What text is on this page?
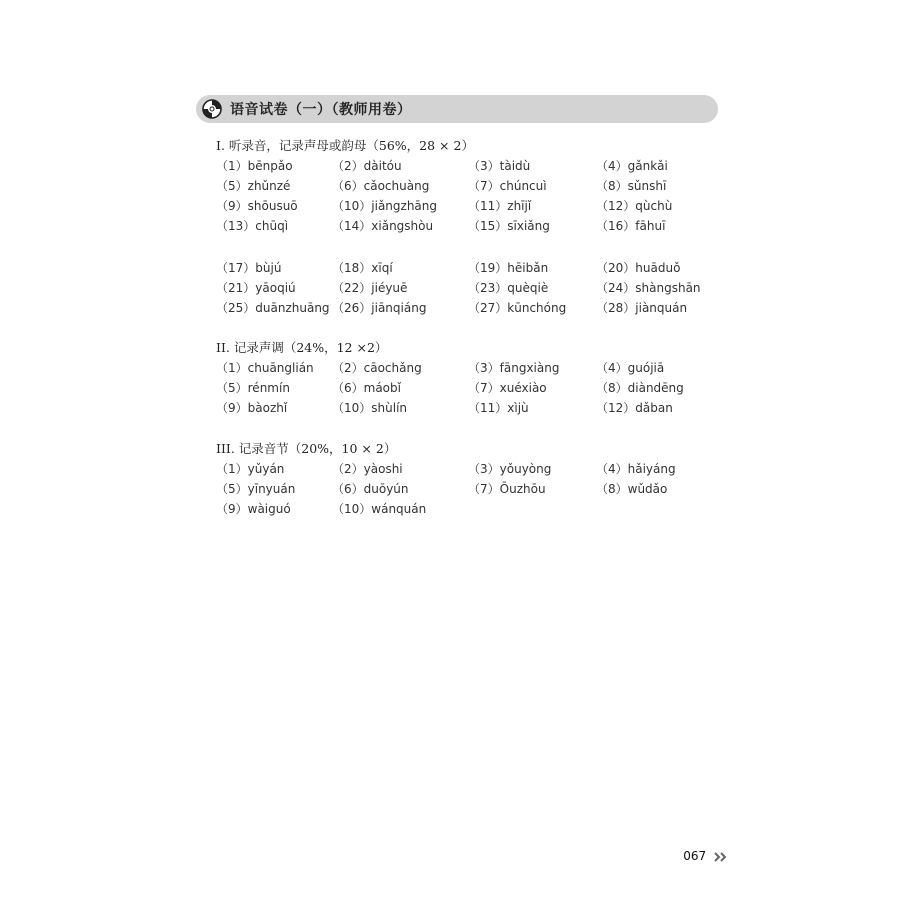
语音试卷（一）（教师用卷）
I. 听录音，记录声母或韵母（56%，28 × 2）
（1）bēnpǎo	（2）dàitóu	（3）tàidù	（4）gǎnkǎi
（5）zhǔnzé	（6）cǎochuàng	（7）chúncuì	（8）sǔnshī
（9）shōusuō	（10）jiǎngzhāng	（11）zhījǐ	（12）qùchù
（13）chūqì	（14）xiǎngshòu	（15）sīxiǎng	（16）fāhuī
（17）bùjú	（18）xīqí	（19）hēibǎn	（20）huāduǒ
（21）yāoqiú	（22）jiéyuē	（23）quèqiè	（24）shàngshān
（25）duānzhuāng （26）jiānqiáng	（27）kūnchóng （28）jiànquán
II. 记录声调（24%，12 ×2）
（1）chuānglián （2）cāochǎng	（3）fāngxiàng	（4）guójiā
（5）rénmín	（6）máobǐ	（7）xuéxiào	（8）diàndēng
（9）bàozhǐ	（10）shùlín	（11）xìjù	（12）dǎban
III. 记录音节（20%，10 × 2）
（1）yǔyán	（2）yàoshi	（3）yǒuyòng	（4）hǎiyáng
（5）yīnyuán	（6）duōyún	（7）Ōuzhōu	（8）wǔdǎo
（9）wàiguó	（10）wánquán
067
